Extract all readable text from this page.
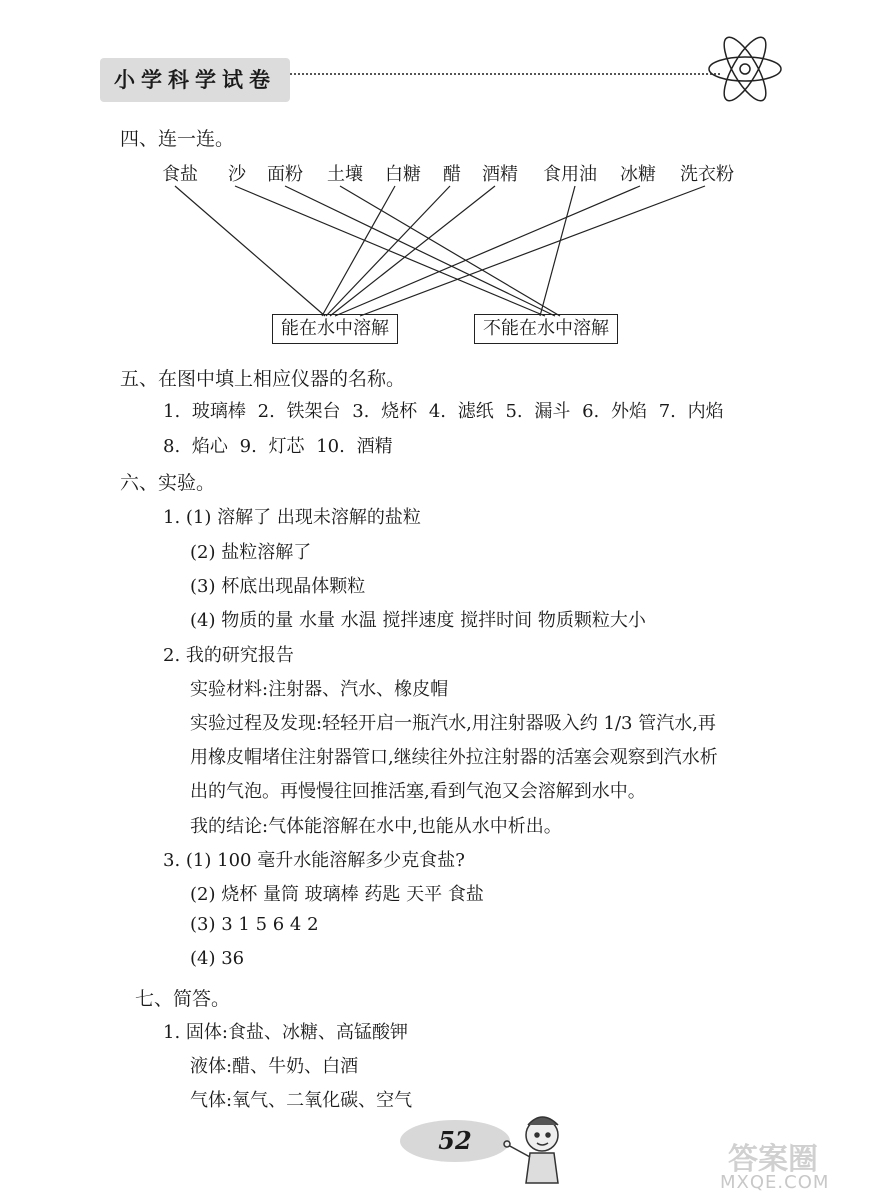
小学科学试卷
四、连一连。
食盐 沙 面粉 土壤 白糖 醋 酒精 食用油 冰糖 洗衣粉
能在水中溶解	不能在水中溶解
五、在图中填上相应仪器的名称。
1. 玻璃棒 2. 铁架台 3. 烧杯 4. 滤纸 5. 漏斗 6. 外焰 7. 内焰
8. 焰心 9. 灯芯 10. 酒精
六、实验。
1. (1) 溶解了 出现未溶解的盐粒
(2) 盐粒溶解了
(3) 杯底出现晶体颗粒
(4) 物质的量 水量 水温 搅拌速度 搅拌时间 物质颗粒大小
2. 我的研究报告
实验材料:注射器、汽水、橡皮帽
实验过程及发现:轻轻开启一瓶汽水,用注射器吸入约 1/3 管汽水,再
用橡皮帽堵住注射器管口,继续往外拉注射器的活塞会观察到汽水析
出的气泡。再慢慢往回推活塞,看到气泡又会溶解到水中。
我的结论:气体能溶解在水中,也能从水中析出。
3. (1) 100 毫升水能溶解多少克食盐?
(2) 烧杯 量筒 玻璃棒 药匙 天平 食盐
(3) 3 1 5 6 4 2
(4) 36
七、简答。
1. 固体:食盐、冰糖、高锰酸钾
液体:醋、牛奶、白酒
气体:氧气、二氧化碳、空气
52
答案圈
MXQE.COM
